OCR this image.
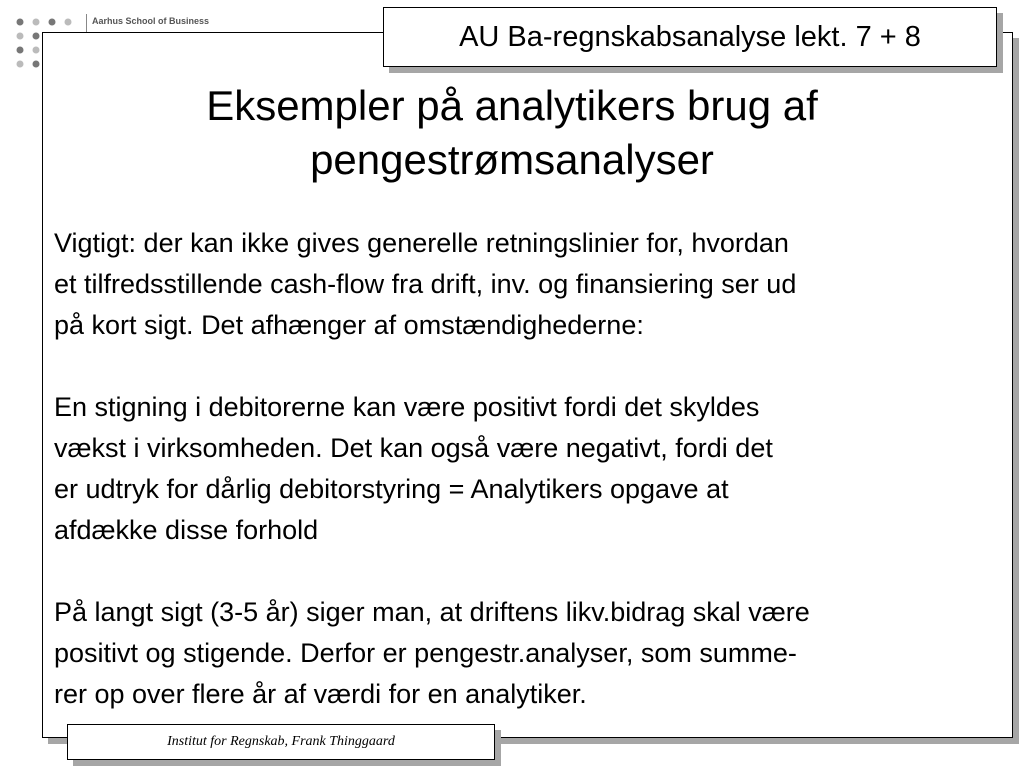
Aarhus School of Business	AU Ba-regnskabsanalyse lekt. 7 + 8
Eksempler på analytikers brug af
pengestrømsanalyser
Vigtigt: der kan ikke gives generelle retningslinier for, hvordan
et tilfredsstillende cash-flow fra drift, inv. og finansiering ser ud
på kort sigt. Det afhænger af omstændighederne:
En stigning i debitorerne kan være positivt fordi det skyldes
vækst i virksomheden. Det kan også være negativt, fordi det
er udtryk for dårlig debitorstyring = Analytikers opgave at
afdække disse forhold
På langt sigt (3-5 år) siger man, at driftens likv.bidrag skal være
positivt og stigende. Derfor er pengestr.analyser, som summe-
rer op over flere år af værdi for en analytiker.
Institut for Regnskab, Frank Thinggaard
